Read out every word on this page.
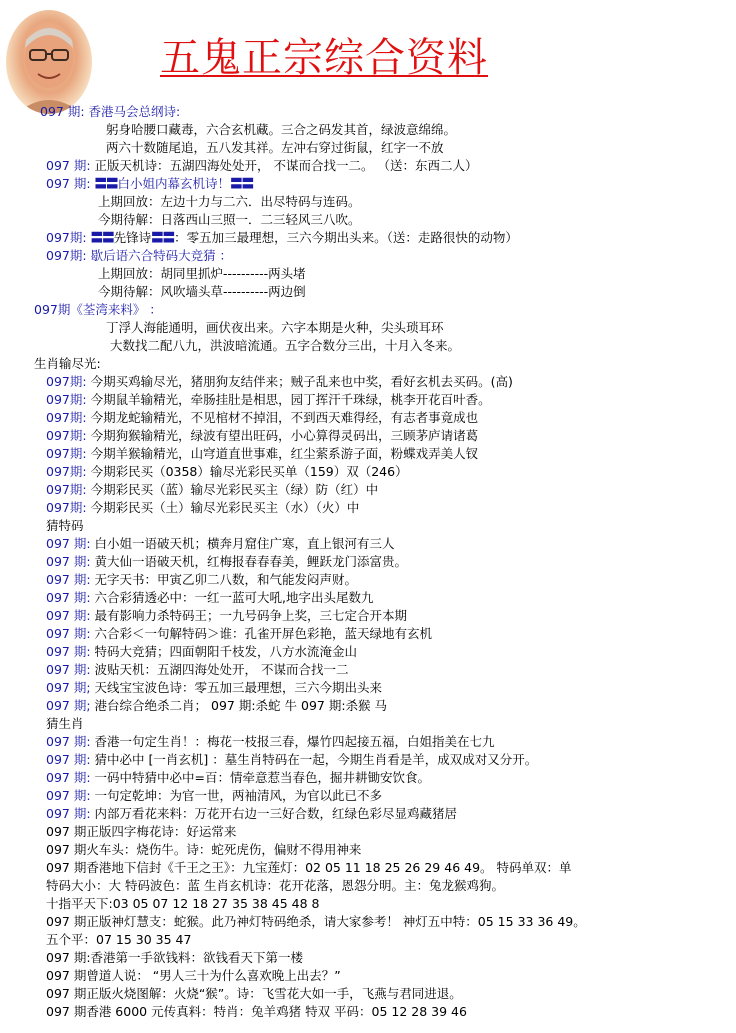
五鬼正宗综合资料
097 期: 香港马会总纲诗:
躬身哈腰口藏毒，六合玄机藏。三合之码发其首，绿波意绵绵。
两六十数随尾追，五八发其祥。左冲右穿过街鼠，红字一不放
097 期: 正版天机诗：五湖四海处处开， 不谋而合找一二。 （送：东西二人）
097 期: 〓〓白小姐内幕玄机诗！〓〓
上期回放：左边十力与二六．出尽特码与连码。
今期待解：日落西山三照一．二三轻风三八吹。
097期: 〓〓先锋诗〓〓：零五加三最理想，三六今期出头来。（送：走路很快的动物）
097期: 歇后语六合特码大竞猜 ：
上期回放：胡同里抓炉----------两头堵
今期待解：风吹墙头草----------两边倒
097期《荃湾来料》 ：
丁浮人海能通明，画伏夜出来。六字本期是火种，尖头琐耳环
大数找二配八九，洪波暗流通。五字合数分三出，十月入冬来。
生肖输尽光:
097期: 今期买鸡输尽光，猪朋狗友结伴来；贼子乱来也中奖，看好玄机去买码。(高)
097期: 今期鼠羊输精光，牵肠挂肚是相思，园丁挥汗千珠绿，桃李开花百叶香。
097期: 今期龙蛇输精光，不见棺材不掉泪，不到西天难得经，有志者事竟成也
097期: 今期狗猴输精光，绿波有望出旺码，小心算得灵码出，三顾茅庐请诸葛
097期: 今期羊猴输精光，山穹道直世事难，红尘萦系游子面，粉蝶戏弄美人钗
097期: 今期彩民买（0358）输尽光彩民买单（159）双（246）
097期: 今期彩民买（蓝）输尽光彩民买主（绿）防（红）中
097期: 今期彩民买（土）输尽光彩民买主（水）（火）中
猜特码
097 期: 白小姐一语破天机；横奔月窟住广寒，直上银河有三人
097 期: 黄大仙一语破天机，红梅报春春春美，鲤跃龙门添富贵。
097 期: 无字天书：甲寅乙卯二八数，和气能发闷声财。
097 期: 六合彩猜透必中：一红一蓝可大吼,地字出头尾数九
097 期: 最有影响力杀特码王；一九号码争上奖，三七定合开本期
097 期: 六合彩＜一句解特码＞谁：孔雀开屏色彩艳，蓝天绿地有玄机
097 期: 特码大竞猜；四面朝阳千枝发，八方水流淹金山
097 期: 波贴天机：五湖四海处处开， 不谋而合找一二
097 期; 天线宝宝波色诗：零五加三最理想，三六今期出头来
097 期; 港台综合绝杀二肖； 097 期:杀蛇 牛 097 期:杀猴 马
猜生肖
097 期: 香港一句定生肖！：梅花一枝报三春，爆竹四起接五福，白姐指美在七九
097 期: 猜中必中 [一肖玄机] ：墓生肖特码在一起，今期生肖看是羊，成双成对又分开。
097 期: 一码中特猜中必中=百：情牵意惹当春色，掘井耕锄安饮食。
097 期: 一句定乾坤：为官一世，两袖清风，为官以此已不多
097 期: 内部万看花来料：万花开右边一三好合数，红绿色彩尽显鸡藏猪居
097 期正版四字梅花诗：好运常来
097 期火车头：烧伤牛。诗：蛇死虎伤，偏财不得用神来
097 期香港地下信封《千王之王》：九宝莲灯：02 05 11 18 25 26 29 46 49。 特码单双：单
特码大小：大 特码波色：蓝 生肖玄机诗：花开花落，恩怨分明。主：兔龙猴鸡狗。
十指平天下:03 05 07 12 18 27 35 38 45 48 8
097 期正版神灯慧支：蛇猴。此乃神灯特码绝杀，请大家参考！ 神灯五中特：05 15 33 36 49。
五个平：07 15 30 35 47
097 期:香港第一手欲钱料：欲钱看天下第一楼
097 期曾道人说： “男人三十为什么喜欢晚上出去？”
097 期正版火烧图解：火烧“猴”。诗：飞雪花大如一手，飞燕与君同进退。
097 期香港 6000 元传真料：特肖：兔羊鸡猪 特双 平码：05 12 28 39 46
